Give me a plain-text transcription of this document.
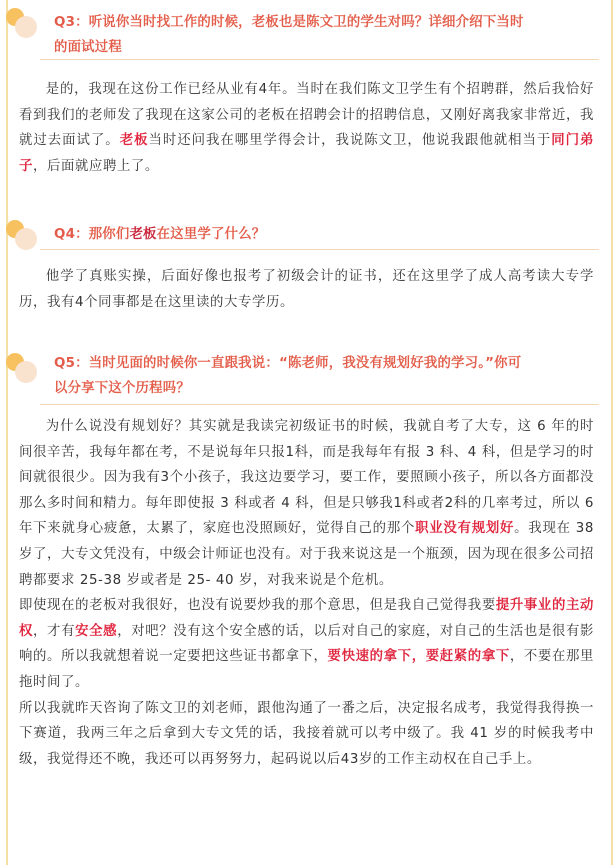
Q3：听说你当时找工作的时候，老板也是陈文卫的学生对吗？详细介绍下当时
的面试过程

是的，我现在这份工作已经从业有4年。当时在我们陈文卫学生有个招聘群，然后我恰好看到我们的老师发了我现在这家公司的老板在招聘会计的招聘信息，又刚好离我家非常近，我就过去面试了。老板当时还问我在哪里学得会计，我说陈文卫，他说我跟他就相当于同门弟子，后面就应聘上了。

Q4：那你们老板在这里学了什么？

他学了真账实操，后面好像也报考了初级会计的证书，还在这里学了成人高考读大专学历，我有4个同事都是在这里读的大专学历。

Q5：当时见面的时候你一直跟我说：“陈老师，我没有规划好我的学习。”你可
以分享下这个历程吗？

为什么说没有规划好？其实就是我读完初级证书的时候，我就自考了大专，这 6 年的时间很辛苦，我每年都在考，不是说每年只报1科，而是我每年有报 3 科、4 科，但是学习的时间就很很少。因为我有3个小孩子，我这边要学习，要工作，要照顾小孩子，所以各方面都没那么多时间和精力。每年即使报 3 科或者 4 科，但是只够我1科或者2科的几率考过，所以 6 年下来就身心疲惫，太累了，家庭也没照顾好，觉得自己的那个职业没有规划好。我现在 38 岁了，大专文凭没有，中级会计师证也没有。对于我来说这是一个瓶颈，因为现在很多公司招聘都要求 25-38 岁或者是 25- 40 岁，对我来说是个危机。

即使现在的老板对我很好，也没有说要炒我的那个意思，但是我自己觉得我要提升事业的主动权，才有安全感，对吧？没有这个安全感的话，以后对自己的家庭，对自己的生活也是很有影响的。所以我就想着说一定要把这些证书都拿下，要快速的拿下，要赶紧的拿下，不要在那里拖时间了。

所以我就昨天咨询了陈文卫的刘老师，跟他沟通了一番之后，决定报名成考，我觉得我得换一下赛道，我两三年之后拿到大专文凭的话，我接着就可以考中级了。我 41 岁的时候我考中级，我觉得还不晚，我还可以再努努力，起码说以后43岁的工作主动权在自己手上。
